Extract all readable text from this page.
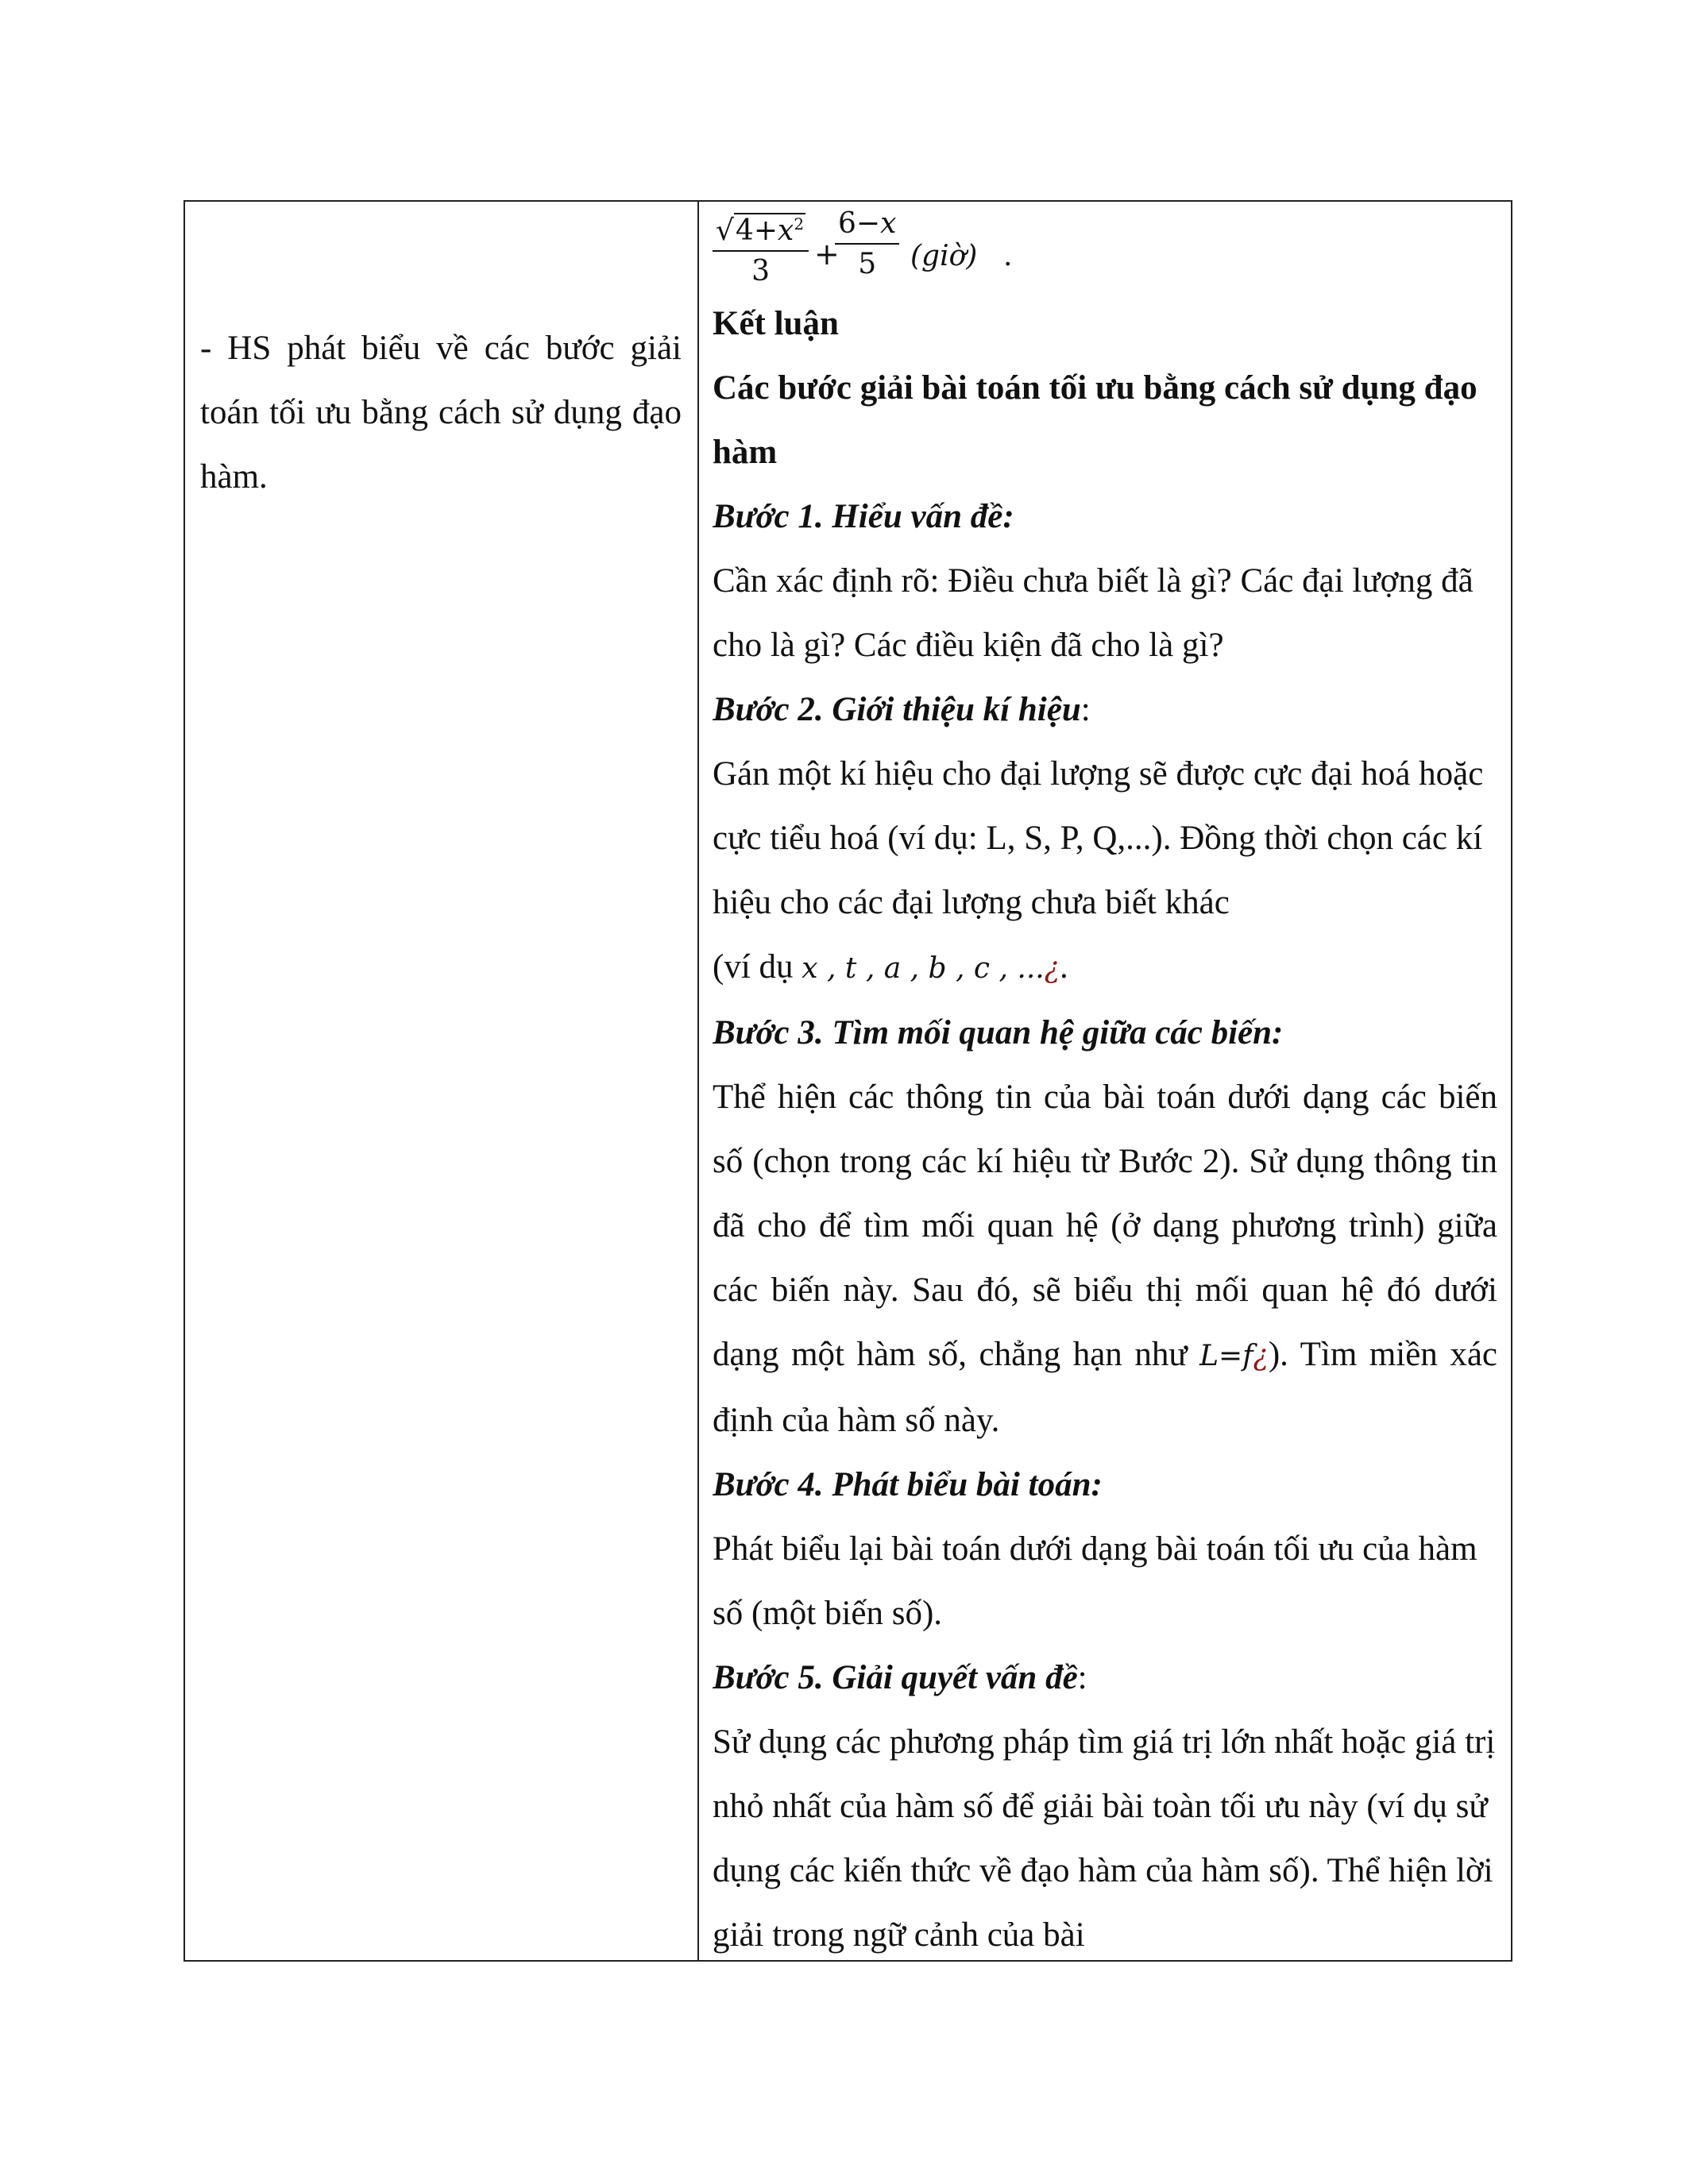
- HS phát biểu về các bước giải toán tối ưu bằng cách sử dụng đạo hàm.

$\frac{√4+x^2}{3}$ +
$\frac{6-x}{5}$ (giờ) .

Kết luận

Các bước giải bài toán tối ưu bằng cách sử dụng đạo hàm

Bước 1. Hiểu vấn đề:

Cần xác định rõ: Điều chưa biết là gì? Các đại lượng đã cho là gì? Các điều kiện đã cho là gì?

Bước 2. Giới thiệu kí hiệu:

Gán một kí hiệu cho đại lượng sẽ được cực đại hoá hoặc cực tiểu hoá (ví dụ: L, S, P, Q,...). Đồng thời chọn các kí hiệu cho các đại lượng chưa biết khác

(ví dụ x , t , a , b , c , ...¿.

Bước 3. Tìm mối quan hệ giữa các biến:

Thể hiện các thông tin của bài toán dưới dạng các biến số (chọn trong các kí hiệu từ Bước 2). Sử dụng thông tin đã cho để tìm mối quan hệ (ở dạng phương trình) giữa các biến này. Sau đó, sẽ biểu thị mối quan hệ đó dưới dạng một hàm số, chẳng hạn như L=f¿). Tìm miền xác định của hàm số này.

Bước 4. Phát biểu bài toán:

Phát biểu lại bài toán dưới dạng bài toán tối ưu của hàm số (một biến số).

Bước 5. Giải quyết vấn đề:

Sử dụng các phương pháp tìm giá trị lớn nhất hoặc giá trị nhỏ nhất của hàm số để giải bài toàn tối ưu này (ví dụ sử dụng các kiến thức về đạo hàm của hàm số). Thể hiện lời giải trong ngữ cảnh của bài
